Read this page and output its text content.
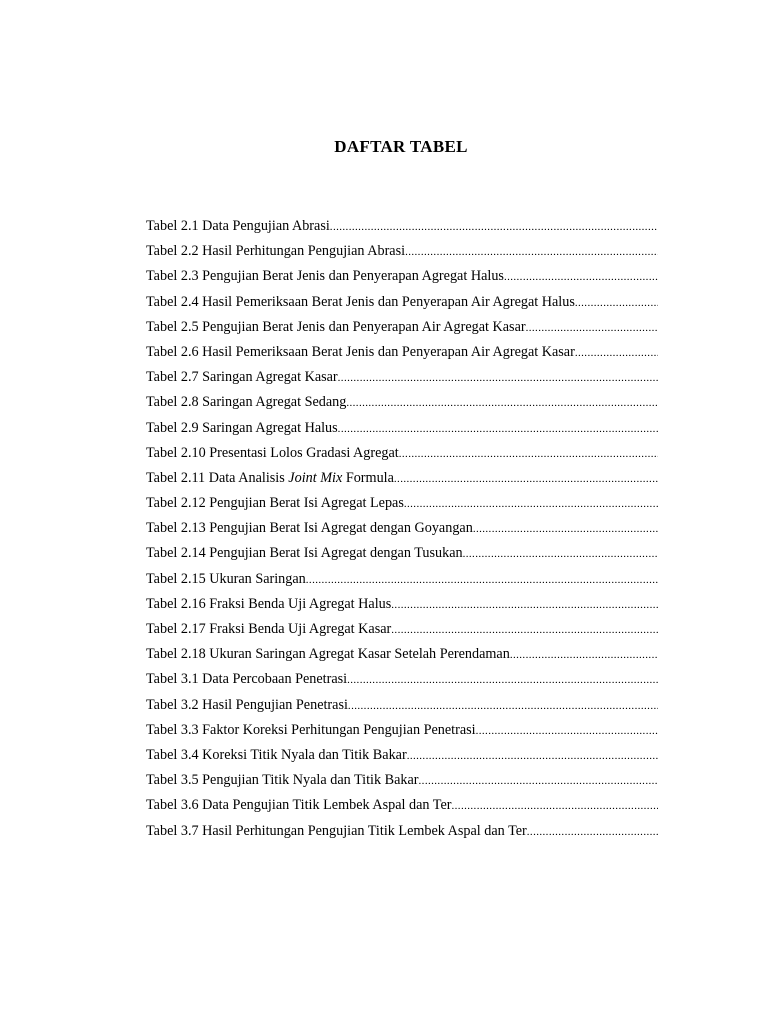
DAFTAR TABEL
Tabel 2.1 Data Pengujian Abrasi
.....
Tabel 2.2 Hasil Perhitungan Pengujian Abrasi
.....
Tabel 2.3 Pengujian Berat Jenis dan Penyerapan Agregat Halus
.....
Tabel 2.4 Hasil Pemeriksaan Berat Jenis dan Penyerapan Air Agregat Halus
.....
Tabel 2.5 Pengujian Berat Jenis dan Penyerapan Air Agregat Kasar
.....
Tabel 2.6 Hasil Pemeriksaan Berat Jenis dan Penyerapan Air Agregat Kasar
.....
Tabel 2.7 Saringan Agregat Kasar
.....
Tabel 2.8 Saringan Agregat Sedang
.....
Tabel 2.9 Saringan Agregat Halus
.....
Tabel 2.10 Presentasi Lolos Gradasi Agregat
.....
Tabel 2.11 Data Analisis Joint Mix Formula
.....
Tabel 2.12 Pengujian Berat Isi Agregat Lepas
.....
Tabel 2.13 Pengujian Berat Isi Agregat dengan Goyangan
.....
Tabel 2.14 Pengujian Berat Isi Agregat dengan Tusukan
.....
Tabel 2.15 Ukuran Saringan
.....
Tabel 2.16 Fraksi Benda Uji Agregat Halus
.....
Tabel 2.17 Fraksi Benda Uji Agregat Kasar
.....
Tabel 2.18 Ukuran Saringan Agregat Kasar Setelah Perendaman
.....
Tabel 3.1 Data Percobaan Penetrasi
.....
Tabel 3.2 Hasil Pengujian Penetrasi
.....
Tabel 3.3 Faktor Koreksi Perhitungan Pengujian Penetrasi
.....
Tabel 3.4 Koreksi Titik Nyala dan Titik Bakar
.....
Tabel 3.5 Pengujian Titik Nyala dan Titik Bakar
.....
Tabel 3.6 Data Pengujian Titik Lembek Aspal dan Ter
.....
Tabel 3.7 Hasil Perhitungan Pengujian Titik Lembek Aspal dan Ter
.....
